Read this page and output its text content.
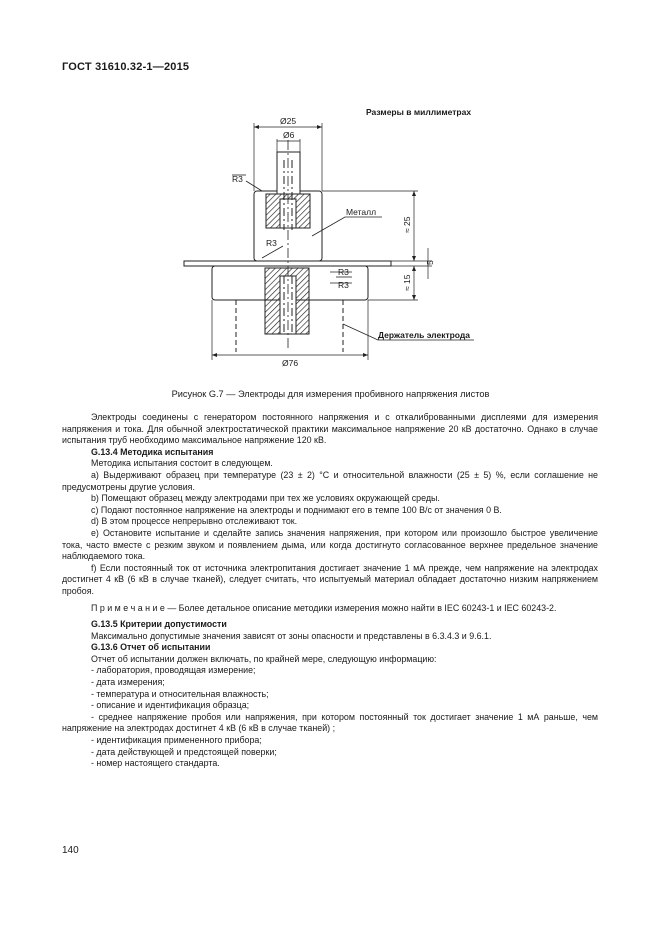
ГОСТ 31610.32-1—2015
Размеры в миллиметрах
Ø25
Ø6
Ø76
R3
R3
R3
R3
Металл
Держатель электрода
≈ 25
≈ 15
5
Рисунок G.7 — Электроды для измерения пробивного напряжения листов

Электроды соединены с генератором постоянного напряжения и с откалиброванными дисплеями для измерения напряжения и тока. Для обычной электростатической практики максимальное напряжение 20 кВ достаточно. Однако в случае испытания труб необходимо максимальное напряжение 120 кВ.

G.13.4 Методика испытания

Методика испытания состоит в следующем.

а) Выдерживают образец при температуре (23 ± 2) °С и относительной влажности (25 ± 5) %, если соглашение не предусмотрены другие условия.

b) Помещают образец между электродами при тех же условиях окружающей среды.

с) Подают постоянное напряжение на электроды и поднимают его в темпе 100 В/с от значения 0 В.

d) В этом процессе непрерывно отслеживают ток.

е) Остановите испытание и сделайте запись значения напряжения, при котором или произошло быстрое увеличение тока, часто вместе с резким звуком и появлением дыма, или когда достигнуто согласованное верхнее предельное значение наблюдаемого тока.

f) Если постоянный ток от источника электропитания достигает значение 1 мА прежде, чем напряжение на электродах достигнет 4 кВ (6 кВ в случае тканей), следует считать, что испытуемый материал обладает достаточно низким напряжением пробоя.

П р и м е ч а н и е — Более детальное описание методики измерения можно найти в IEC 60243-1 и IEC 60243-2.

G.13.5 Критерии допустимости

Максимально допустимые значения зависят от зоны опасности и представлены в 6.3.4.3 и 9.6.1.

G.13.6 Отчет об испытании

Отчет об испытании должен включать, по крайней мере, следующую информацию:

- лаборатория, проводящая измерение;

- дата измерения;

- температура и относительная влажность;

- описание и идентификация образца;

- среднее напряжение пробоя или напряжения, при котором постоянный ток достигает значение 1 мА раньше, чем напряжение на электродах достигнет 4 кВ (6 кВ в случае тканей) ;

- идентификация примененного прибора;

- дата действующей и предстоящей поверки;

- номер настоящего стандарта.

140
